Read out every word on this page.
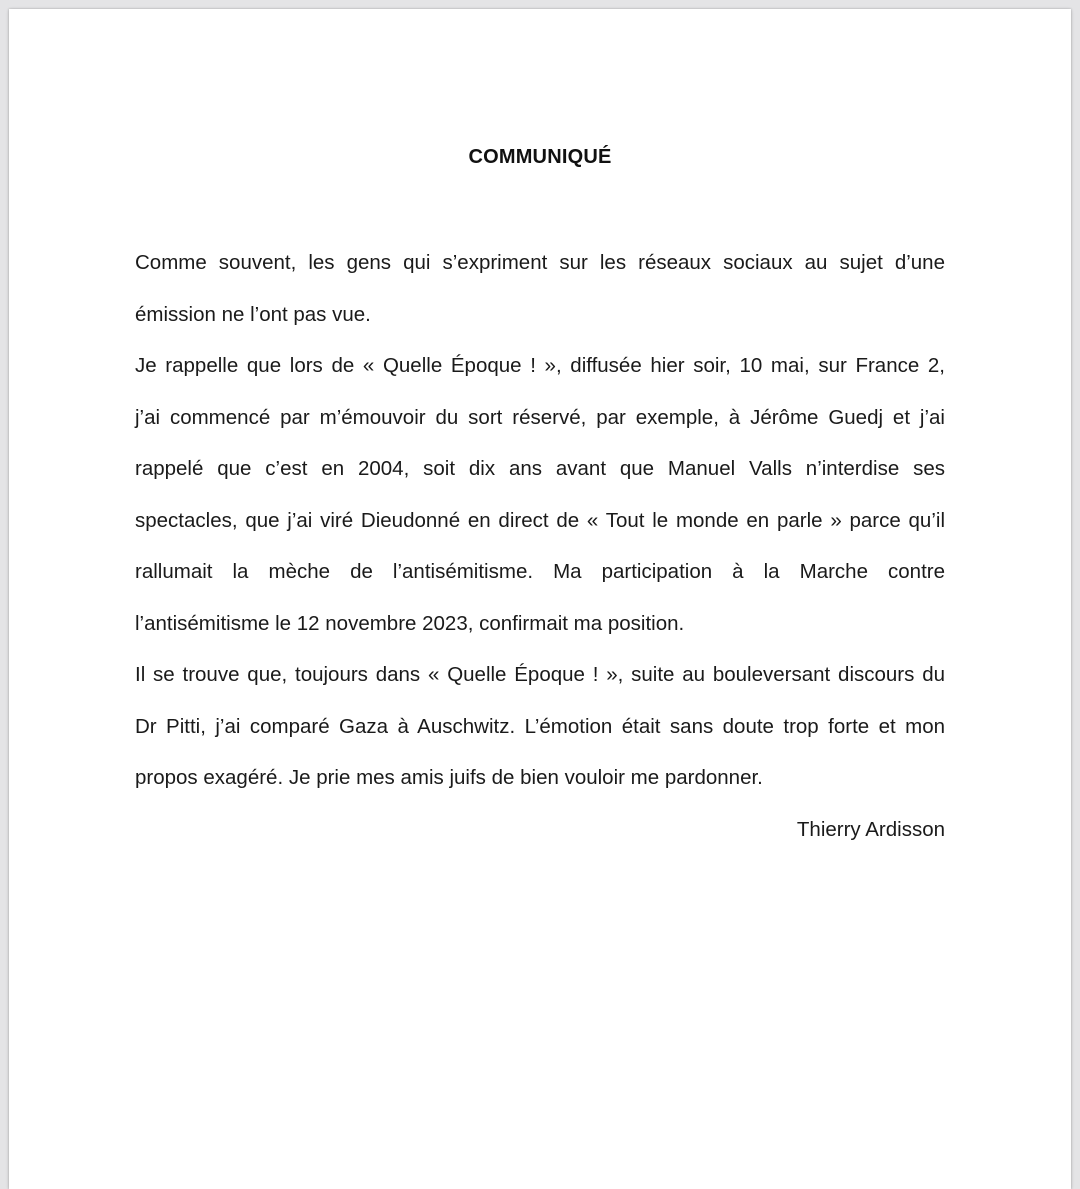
COMMUNIQUÉ
Comme souvent, les gens qui s’expriment sur les réseaux sociaux au sujet d’une
émission ne l’ont pas vue.
Je rappelle que lors de « Quelle Époque ! », diffusée hier soir, 10 mai, sur France 2,
j’ai commencé par m’émouvoir du sort réservé, par exemple, à Jérôme Guedj et j’ai
rappelé que c’est en 2004, soit dix ans avant que Manuel Valls n’interdise ses
spectacles, que j’ai viré Dieudonné en direct de « Tout le monde en parle » parce qu’il
rallumait la mèche de l’antisémitisme. Ma participation à la Marche contre
l’antisémitisme le 12 novembre 2023, confirmait ma position.
Il se trouve que, toujours dans « Quelle Époque ! », suite au bouleversant discours du
Dr Pitti, j’ai comparé Gaza à Auschwitz. L’émotion était sans doute trop forte et mon
propos exagéré. Je prie mes amis juifs de bien vouloir me pardonner.
Thierry Ardisson
